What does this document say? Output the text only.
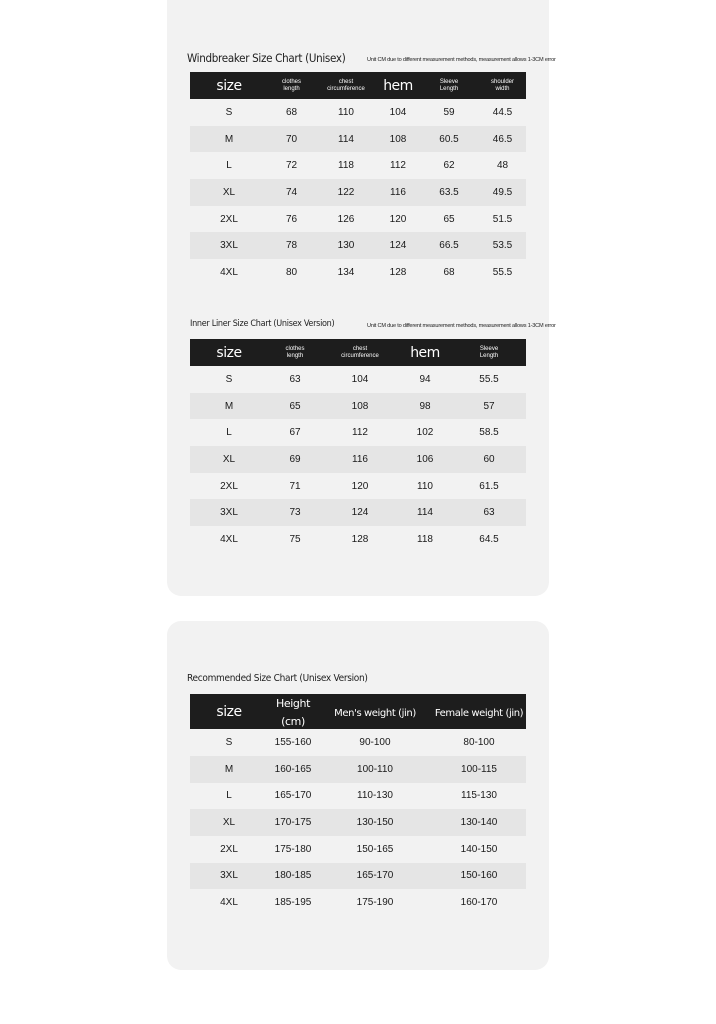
Windbreaker Size Chart (Unisex)	Unit CM due to different measurement methods, measurement allows 1-3CM error
size	clothes length	chest circumference	hem	Sleeve Length	shoulder width
S	68	110	104	59	44.5
M	70	114	108	60.5	46.5
L	72	118	112	62	48
XL	74	122	116	63.5	49.5
2XL	76	126	120	65	51.5
3XL	78	130	124	66.5	53.5
4XL	80	134	128	68	55.5
Inner Liner Size Chart (Unisex Version)	Unit CM due to different measurement methods, measurement allows 1-3CM error
size	clothes length	chest circumference	hem	Sleeve Length
S	63	104	94	55.5
M	65	108	98	57
L	67	112	102	58.5
XL	69	116	106	60
2XL	71	120	110	61.5
3XL	73	124	114	63
4XL	75	128	118	64.5
Recommended Size Chart (Unisex Version)
size	Height (cm)	Men's weight (jin)	Female weight (jin)
S	155-160	90-100	80-100
M	160-165	100-110	100-115
L	165-170	110-130	115-130
XL	170-175	130-150	130-140
2XL	175-180	150-165	140-150
3XL	180-185	165-170	150-160
4XL	185-195	175-190	160-170
